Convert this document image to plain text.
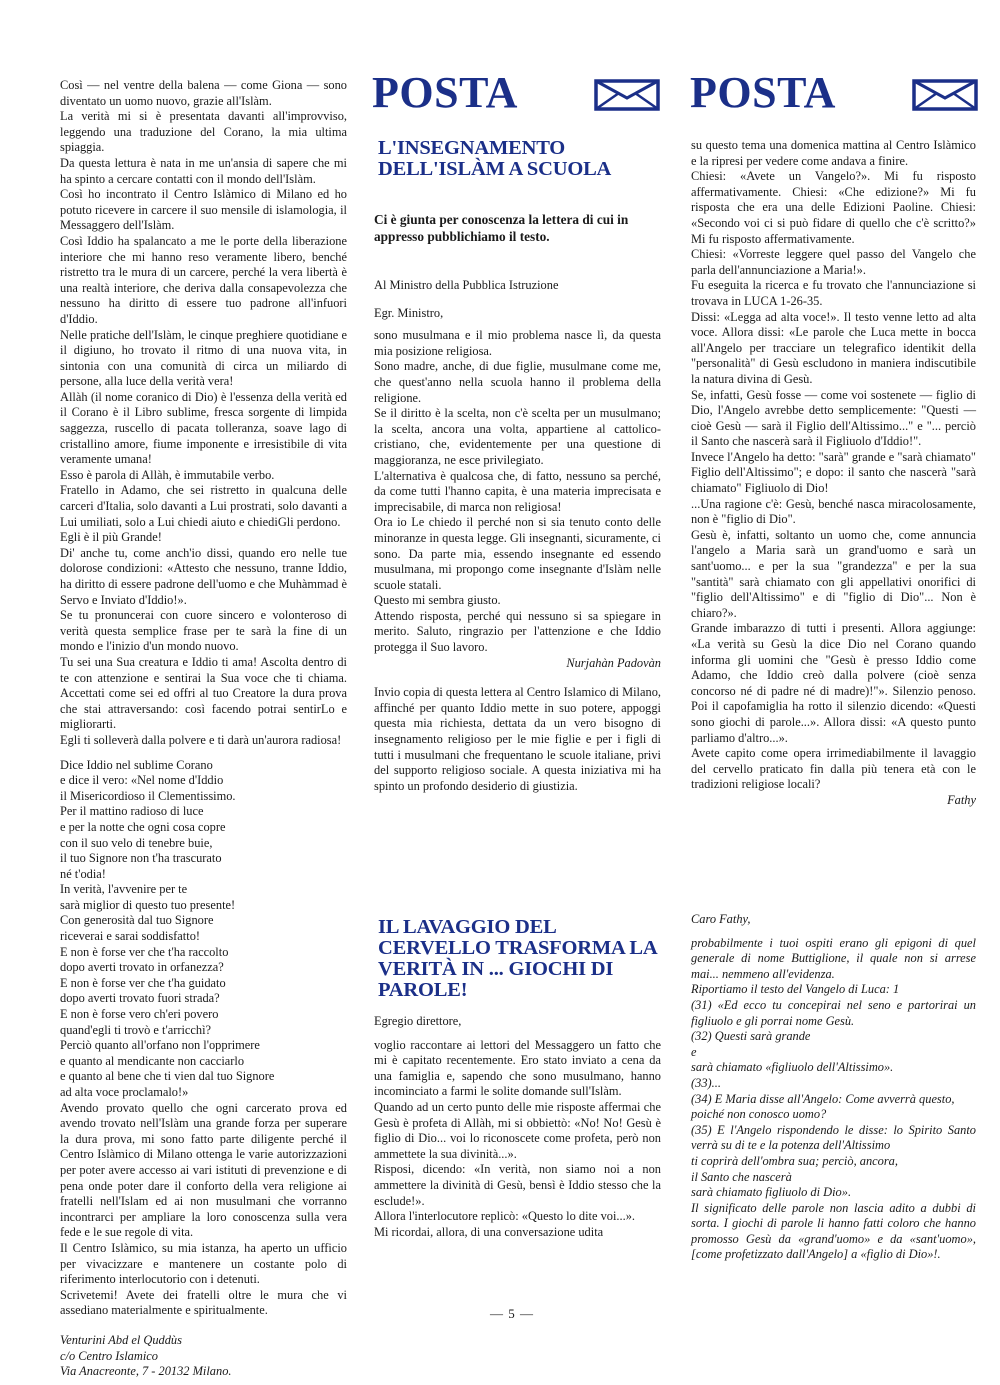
POSTA	POSTA

Così — nel ventre della balena — come Giona — sono diventato un uomo nuovo, grazie all'Islàm.

La verità mi si è presentata davanti all'improvviso, leggendo una traduzione del Corano, la mia ultima spiaggia.

Da questa lettura è nata in me un'ansia di sapere che mi ha spinto a cercare contatti con il mondo dell'Islàm.

Così ho incontrato il Centro Islàmico di Milano ed ho potuto ricevere in carcere il suo mensile di islamologia, il Messaggero dell'Islàm.

Così Iddio ha spalancato a me le porte della liberazione interiore che mi hanno reso veramente libero, benché ristretto tra le mura di un carcere, perché la vera libertà è una realtà interiore, che deriva dalla consapevolezza che nessuno ha diritto di essere tuo padrone all'infuori d'Iddio.

Nelle pratiche dell'Islàm, le cinque preghiere quotidiane e il digiuno, ho trovato il ritmo di una nuova vita, in sintonia con una comunità di circa un miliardo di persone, alla luce della verità vera!

Allàh (il nome coranico di Dio) è l'essenza della verità ed il Corano è il Libro sublime, fresca sorgente di limpida saggezza, ruscello di pacata tolleranza, soave lago di cristallino amore, fiume imponente e irresistibile di vita veramente umana!

Esso è parola di Allàh, è immutabile verbo.

Fratello in Adamo, che sei ristretto in qualcuna delle carceri d'Italia, solo davanti a Lui prostrati, solo davanti a Lui umiliati, solo a Lui chiedi aiuto e chiediGli perdono.

Egli è il più Grande!

Di' anche tu, come anch'io dissi, quando ero nelle tue dolorose condizioni: «Attesto che nessuno, tranne Iddio, ha diritto di essere padrone dell'uomo e che Muhàmmad è Servo e Inviato d'Iddio!».

Se tu pronuncerai con cuore sincero e volonteroso di verità questa semplice frase per te sarà la fine di un mondo e l'inizio d'un mondo nuovo.

Tu sei una Sua creatura e Iddio ti ama! Ascolta dentro di te con attenzione e sentirai la Sua voce che ti chiama. Accettati come sei ed offri al tuo Creatore la dura prova che stai attraversando: così facendo potrai sentirLo e migliorarti.

Egli ti solleverà dalla polvere e ti darà un'aurora radiosa!

Dice Iddio nel sublime Corano

e dice il vero: «Nel nome d'Iddio
il Misericordioso il Clementissimo.
Per il mattino radioso di luce
e per la notte che ogni cosa copre
con il suo velo di tenebre buie,
il tuo Signore non t'ha trascurato
né t'odia!
In verità, l'avvenire per te
sarà miglior di questo tuo presente!
Con generosità dal tuo Signore
riceverai e sarai soddisfatto!
E non è forse ver che t'ha raccolto
dopo averti trovato in orfanezza?
E non è forse ver che t'ha guidato
dopo averti trovato fuori strada?
E non è forse vero ch'eri povero
quand'egli ti trovò e t'arricchì?
Perciò quanto all'orfano non l'opprimere
e quanto al mendicante non cacciarlo
e quanto al bene che ti vien dal tuo Signore
ad alta voce proclamalo!»

Avendo provato quello che ogni carcerato prova ed avendo trovato nell'Islàm una grande forza per superare la dura prova, mi sono fatto parte diligente perché il Centro Islàmico di Milano ottenga le varie autorizzazioni per poter avere accesso ai vari istituti di prevenzione e di pena onde poter dare il conforto della vera religione ai fratelli nell'Islam ed ai non musulmani che vorranno incontrarci per ampliare la loro conoscenza sulla vera fede e le sue regole di vita.

Il Centro Islàmico, su mia istanza, ha aperto un ufficio per vivacizzare e mantenere un costante polo di riferimento interlocutorio con i detenuti.

Scrivetemi! Avete dei fratelli oltre le mura che vi assediano materialmente e spiritualmente.

Venturini Abd el Quddùs
c/o Centro Islamico
Via Anacreonte, 7 - 20132 Milano.
L'INSEGNAMENTO DELL'ISLÀM A SCUOLA

Ci è giunta per conoscenza la lettera di cui in appresso pubblichiamo il testo.

Al Ministro della Pubblica Istruzione

Egr. Ministro,

sono musulmana e il mio problema nasce lì, da questa mia posizione religiosa.

Sono madre, anche, di due figlie, musulmane come me, che quest'anno nella scuola hanno il problema della religione.

Se il diritto è la scelta, non c'è scelta per un musulmano; la scelta, ancora una volta, appartiene al cattolico-cristiano, che, evidentemente per una questione di maggioranza, ne esce privilegiato.

L'alternativa è qualcosa che, di fatto, nessuno sa perché, da come tutti l'hanno capita, è una materia imprecisata e imprecisabile, di marca non religiosa!

Ora io Le chiedo il perché non si sia tenuto conto delle minoranze in questa legge. Gli insegnanti, sicuramente, ci sono. Da parte mia, essendo insegnante ed essendo musulmana, mi propongo come insegnante d'Islàm nelle scuole statali.

Questo mi sembra giusto.

Attendo risposta, perché qui nessuno si sa spiegare in merito. Saluto, ringrazio per l'attenzione e che Iddio protegga il Suo lavoro.

Nurjahàn Padovàn

Invio copia di questa lettera al Centro Islamico di Milano, affinché per quanto Iddio mette in suo potere, appoggi questa mia richiesta, dettata da un vero bisogno di insegnamento religioso per le mie figlie e per i figli di tutti i musulmani che frequentano le scuole italiane, privi del supporto religioso sociale. A questa iniziativa mi ha spinto un profondo desiderio di giustizia.

IL LAVAGGIO DEL CERVELLO TRASFORMA LA VERITÀ IN ... GIOCHI DI PAROLE!

Egregio direttore,

voglio raccontare ai lettori del Messaggero un fatto che mi è capitato recentemente. Ero stato inviato a cena da una famiglia e, sapendo che sono musulmano, hanno incominciato a farmi le solite domande sull'Islàm.

Quando ad un certo punto delle mie risposte affermai che Gesù è profeta di Allàh, mi si obbiettò: «No! No! Gesù è figlio di Dio... voi lo riconoscete come profeta, però non ammettete la sua divinità...».

Risposi, dicendo: «In verità, non siamo noi a non ammettere la divinità di Gesù, bensì è Iddio stesso che la esclude!».

Allora l'interlocutore replicò: «Questo lo dite voi...».

Mi ricordai, allora, di una conversazione udita

su questo tema una domenica mattina al Centro Islàmico e la ripresi per vedere come andava a finire.

Chiesi: «Avete un Vangelo?». Mi fu risposto affermativamente. Chiesi: «Che edizione?» Mi fu risposta che era una delle Edizioni Paoline. Chiesi: «Secondo voi ci si può fidare di quello che c'è scritto?» Mi fu risposto affermativamente.

Chiesi: «Vorreste leggere quel passo del Vangelo che parla dell'annunciazione a Maria!».

Fu eseguita la ricerca e fu trovato che l'annunciazione si trovava in LUCA 1-26-35.

Dissi: «Legga ad alta voce!». Il testo venne letto ad alta voce. Allora dissi: «Le parole che Luca mette in bocca all'Angelo per tracciare un telegrafico identikit della "personalità" di Gesù escludono in maniera indiscutibile la natura divina di Gesù.

Se, infatti, Gesù fosse — come voi sostenete — figlio di Dio, l'Angelo avrebbe detto semplicemente: "Questi — cioè Gesù — sarà il Figlio dell'Altissimo..." e "... perciò il Santo che nascerà sarà il Figliuolo d'Iddio!".

Invece l'Angelo ha detto: "sarà" grande e "sarà chiamato" Figlio dell'Altissimo"; e dopo: il santo che nascerà "sarà chiamato" Figliuolo di Dio!

...Una ragione c'è: Gesù, benché nasca miracolosamente, non è "figlio di Dio".

Gesù è, infatti, soltanto un uomo che, come annuncia l'angelo a Maria sarà un grand'uomo e sarà un sant'uomo... e per la sua "grandezza" e per la sua "santità" sarà chiamato con gli appellativi onorifici di "figlio dell'Altissimo" e di "figlio di Dio"... Non è chiaro?».

Grande imbarazzo di tutti i presenti. Allora aggiunge: «La verità su Gesù la dice Dio nel Corano quando informa gli uomini che "Gesù è presso Iddio come Adamo, che Iddio creò dalla polvere (cioè senza concorso né di padre né di madre)!"». Silenzio penoso. Poi il capofamiglia ha rotto il silenzio dicendo: «Questi sono giochi di parole...». Allora dissi: «A questo punto parliamo d'altro...».

Avete capito come opera irrimediabilmente il lavaggio del cervello praticato fin dalla più tenera età con le tradizioni religiose locali?

Fathy

Caro Fathy,

probabilmente i tuoi ospiti erano gli epigoni di quel generale di nome Buttiglione, il quale non si arrese mai... nemmeno all'evidenza.

Riportiamo il testo del Vangelo di Luca: 1

(31) «Ed ecco tu concepirai nel seno e partorirai un figliuolo e gli porrai nome Gesù.

(32) Questi sarà grande

e

sarà chiamato «figliuolo dell'Altissimo».

(33)...

(34) E Maria disse all'Angelo: Come avverrà questo,

poiché non conosco uomo?

(35) E l'Angelo rispondendo le disse: lo Spirito Santo verrà su di te e la potenza dell'Altissimo

ti coprirà dell'ombra sua; perciò, ancora,

il Santo che nascerà

sarà chiamato figliuolo di Dio».

Il significato delle parole non lascia adito a dubbi di sorta. I giochi di parole li hanno fatti coloro che hanno promosso Gesù da «grand'uomo» e da «sant'uomo», [come profetizzato dall'Angelo] a «figlio di Dio»!.

— 5 —
